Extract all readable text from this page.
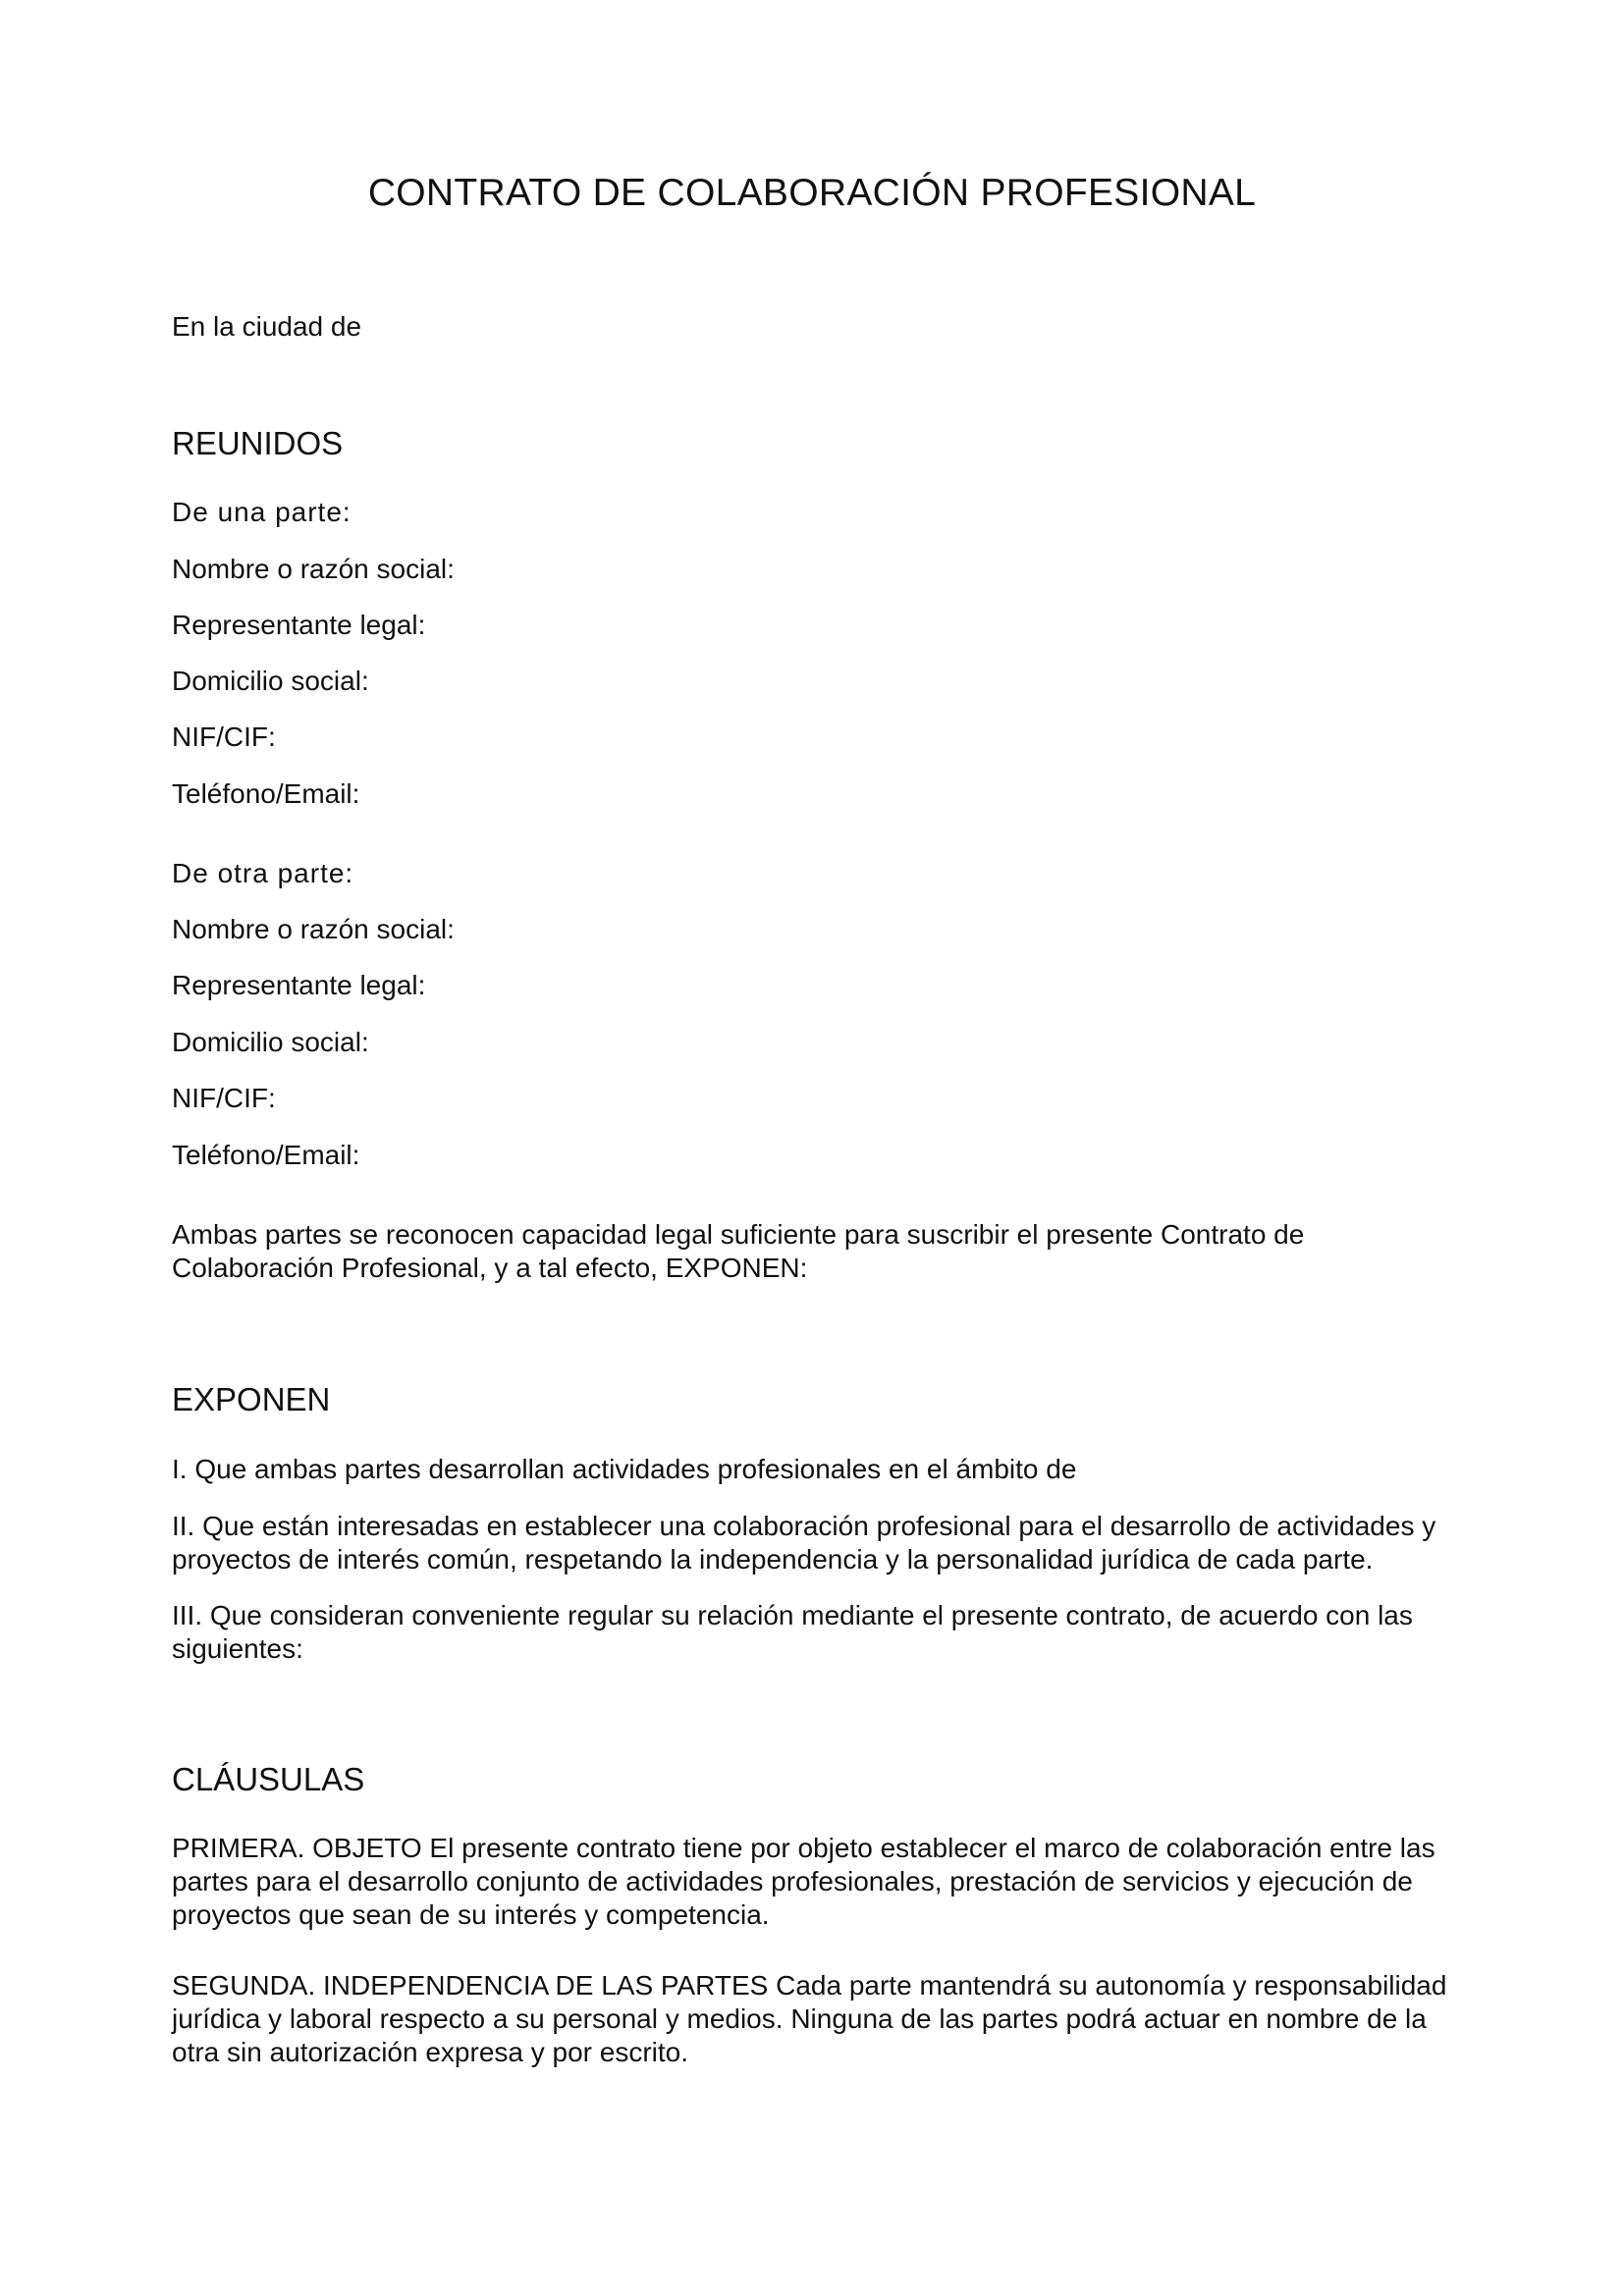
CONTRATO DE COLABORACIÓN PROFESIONAL
En la ciudad de
REUNIDOS
De una parte:
Nombre o razón social:
Representante legal:
Domicilio social:
NIF/CIF:
Teléfono/Email:
De otra parte:
Nombre o razón social:
Representante legal:
Domicilio social:
NIF/CIF:
Teléfono/Email:
Ambas partes se reconocen capacidad legal suficiente para suscribir el presente Contrato de
Colaboración Profesional, y a tal efecto, EXPONEN:
EXPONEN
I. Que ambas partes desarrollan actividades profesionales en el ámbito de
II. Que están interesadas en establecer una colaboración profesional para el desarrollo de actividades y
proyectos de interés común, respetando la independencia y la personalidad jurídica de cada parte.
III. Que consideran conveniente regular su relación mediante el presente contrato, de acuerdo con las
siguientes:
CLÁUSULAS
PRIMERA. OBJETO El presente contrato tiene por objeto establecer el marco de colaboración entre las
partes para el desarrollo conjunto de actividades profesionales, prestación de servicios y ejecución de
proyectos que sean de su interés y competencia.
SEGUNDA. INDEPENDENCIA DE LAS PARTES Cada parte mantendrá su autonomía y responsabilidad
jurídica y laboral respecto a su personal y medios. Ninguna de las partes podrá actuar en nombre de la
otra sin autorización expresa y por escrito.
